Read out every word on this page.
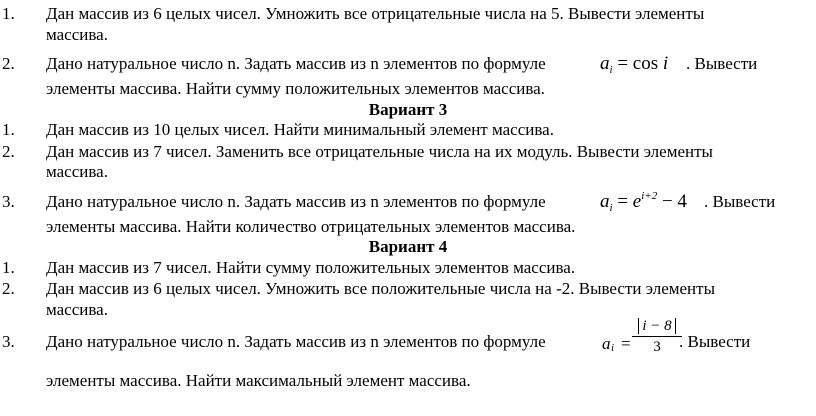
1. Дан массив из 6 целых чисел. Умножить все отрицательные числа на 5. Вывести элементы
массива.
2. Дано натуральное число n. Задать массив из n элементов по формуле	$a_i = \cos i$ . Вывести
элементы массива. Найти сумму положительных элементов массива.
Вариант 3
1. Дан массив из 10 целых чисел. Найти минимальный элемент массива.
2. Дан массив из 7 чисел. Заменить все отрицательные числа на их модуль. Вывести элементы
массива.
3. Дано натуральное число n. Задать массив из n элементов по формуле	$a_i = e^{i+2} - 4$ . Вывести
элементы массива. Найти количество отрицательных элементов массива.
Вариант 4
1. Дан массив из 7 чисел. Найти сумму положительных элементов массива.
2. Дан массив из 6 целых чисел. Умножить все положительные числа на -2. Вывести элементы
массива.
3. Дано натуральное число n. Задать массив из n элементов по формуле	a i $\frac{i - 8}{3}$
=	. Вывести
элементы массива. Найти максимальный элемент массива.
